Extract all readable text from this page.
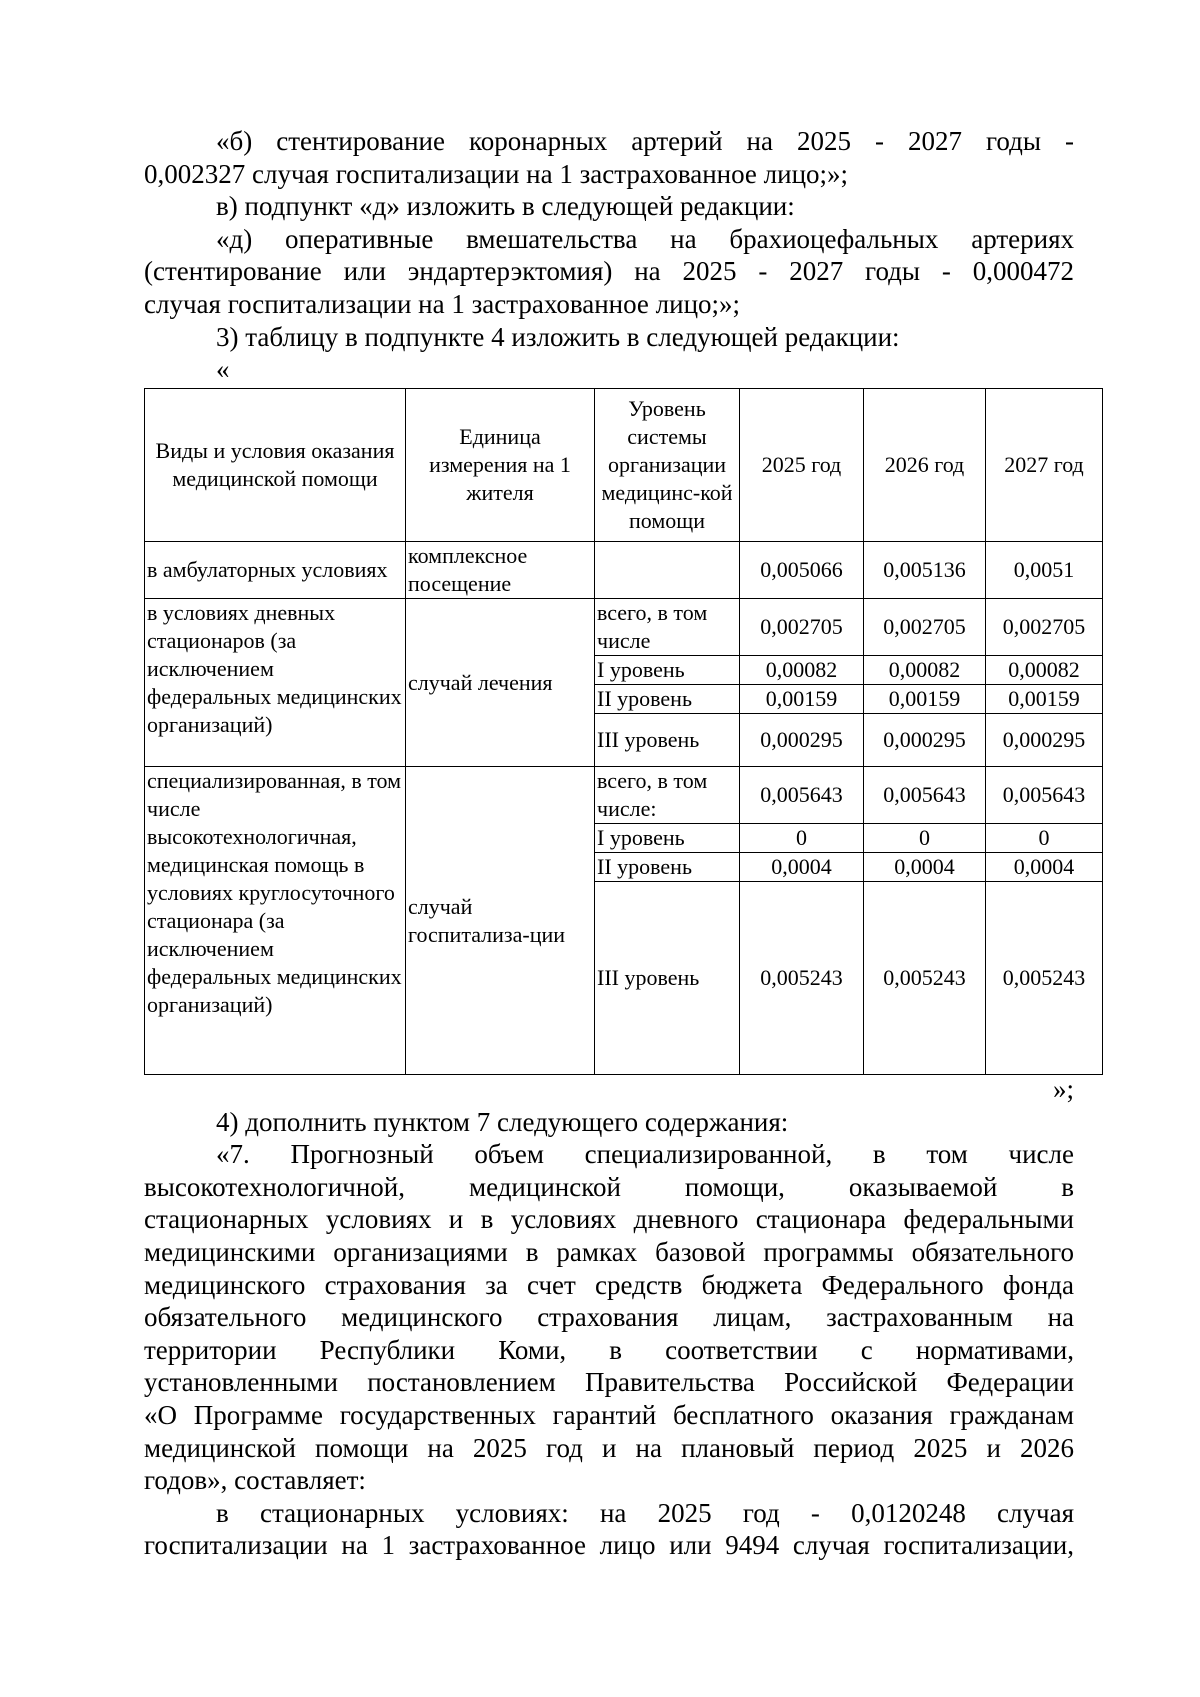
«б) стентирование коронарных артерий на 2025 - 2027 годы -

0,002327 случая госпитализации на 1 застрахованное лицо;»;

в) подпункт «д» изложить в следующей редакции:

«д) оперативные вмешательства на брахиоцефальных артериях

(стентирование или эндартерэктомия) на 2025 - 2027 годы - 0,000472

случая госпитализации на 1 застрахованное лицо;»;

3) таблицу в подпункте 4 изложить в следующей редакции:

«

Виды и условия оказания медицинской помощи	Единица измерения на 1 жителя	Уровень системы организации медицинс-кой помощи	2025 год	2026 год	2027 год
в амбулаторных условиях	комплексное посещение		0,005066	0,005136	0,0051
в условиях дневных стационаров (за исключением федеральных медицинских организаций)	случай лечения	всего, в том числе	0,002705	0,002705	0,002705
		I уровень	0,00082	0,00082	0,00082
		II уровень	0,00159	0,00159	0,00159
		III уровень	0,000295	0,000295	0,000295
специализированная, в том числе высокотехнологичная, медицинская помощь в условиях круглосуточного стационара (за исключением федеральных медицинских организаций)	случай госпитализа-ции	всего, в том числе:	0,005643	0,005643	0,005643
		I уровень	0	0	0
		II уровень	0,0004	0,0004	0,0004
		III уровень	0,005243	0,005243	0,005243

»;

4) дополнить пунктом 7 следующего содержания:

«7. Прогнозный объем специализированной, в том числе

высокотехнологичной, медицинской помощи, оказываемой в

стационарных условиях и в условиях дневного стационара федеральными

медицинскими организациями в рамках базовой программы обязательного

медицинского страхования за счет средств бюджета Федерального фонда

обязательного медицинского страхования лицам, застрахованным на

территории Республики Коми, в соответствии с нормативами,

установленными постановлением Правительства Российской Федерации

«О Программе государственных гарантий бесплатного оказания гражданам

медицинской помощи на 2025 год и на плановый период 2025 и 2026

годов», составляет:

в стационарных условиях: на 2025 год - 0,0120248 случая

госпитализации на 1 застрахованное лицо или 9494 случая госпитализации,
